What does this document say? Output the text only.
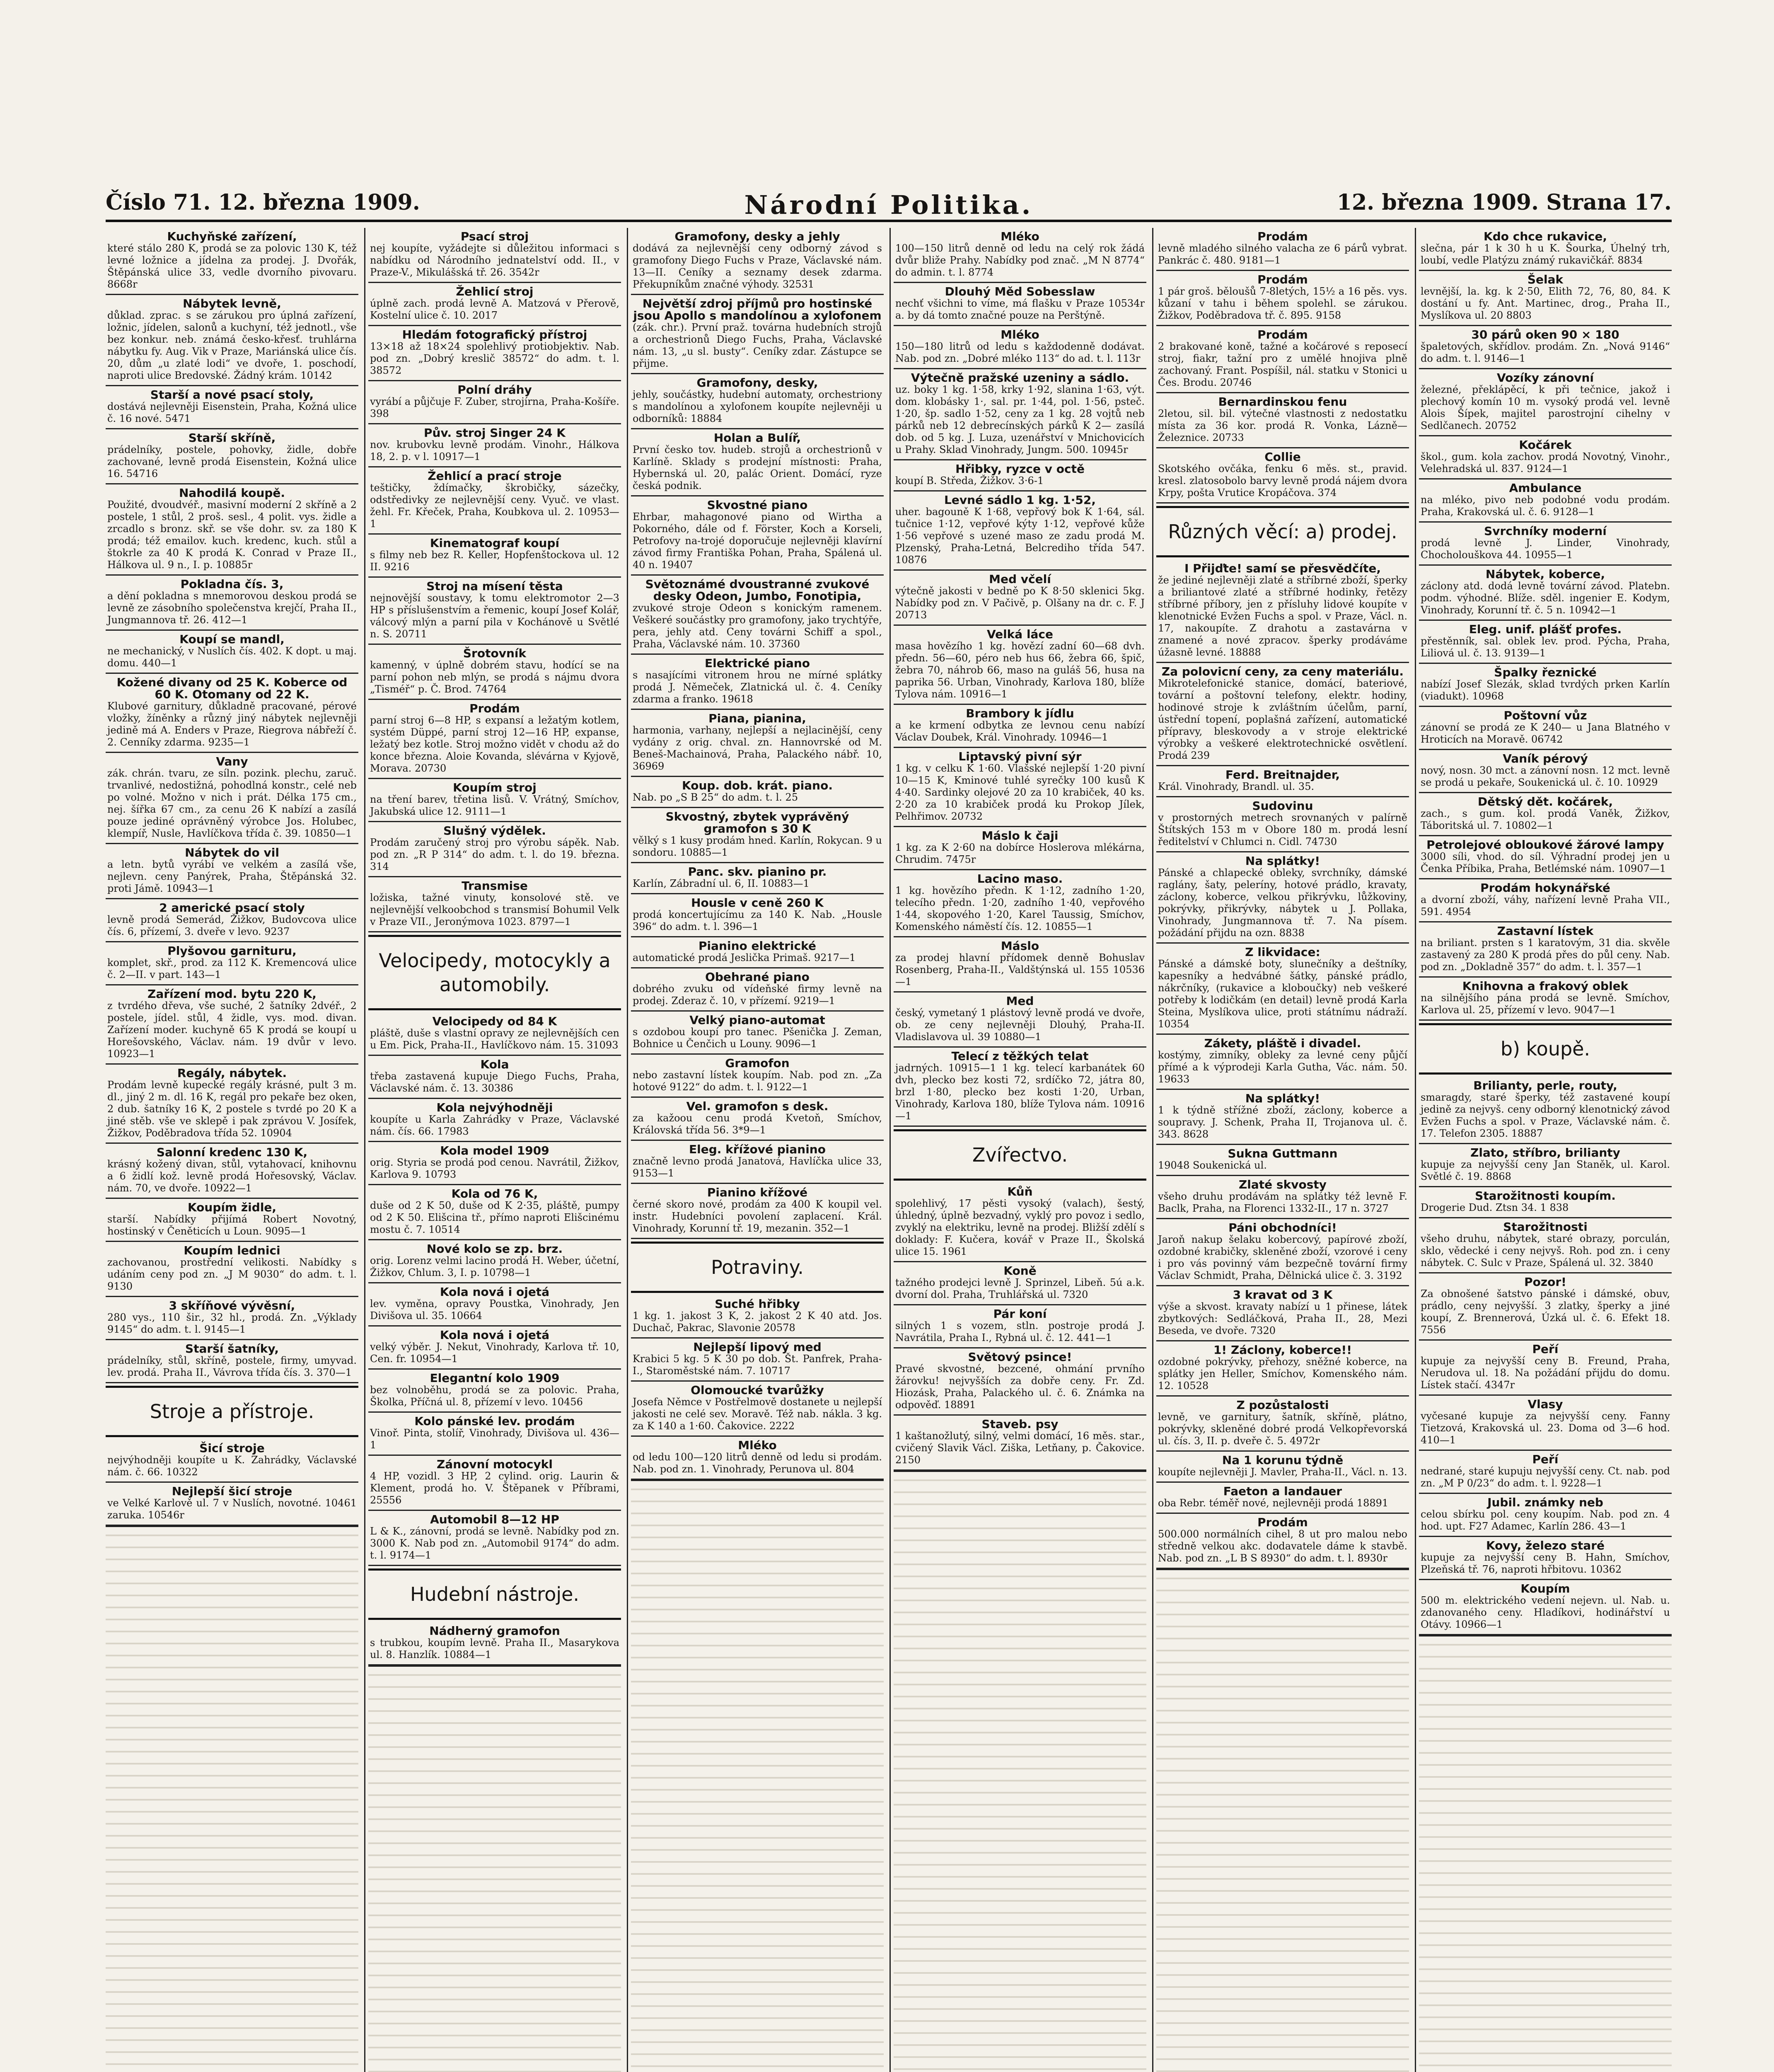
Národní Politika.
Číslo 71. 12. března 1909.	12. března 1909. Strana 17.
Kuchyňské zařízení,
které stálo 280 K, prodá se za polovic 130 K, též levné ložnice a jídelna za prodej. J. Dvořák, Štěpánská ulice 33, vedle dvorního pivovaru. 8668r
Nábytek levně,
důklad. zprac. s se zárukou pro úplná zařízení, ložnic, jídelen, salonů a kuchyní, též jednotl., vše bez konkur. neb. známá česko-křesť. truhlárna nábytku fy. Aug. Vik v Praze, Mariánská ulice čís. 20, dům „u zlaté lodi“ ve dvoře, 1. poschodí, naproti ulice Bredovské. Žádný krám. 10142
Starší a nové psací stoly,
dostává nejlevněji Eisenstein, Praha, Kožná ulice č. 16 nové. 5471
Starší skříně,
prádelníky, postele, pohovky, židle, dobře zachované, levně prodá Eisenstein, Kožná ulice 16. 54716
Nahodilá koupě.
Použité, dvoudvéř., masivní moderní 2 skříně a 2 postele, 1 stůl, 2 proš. sesl., 4 polit. vys. židle a zrcadlo s bronz. skř. se vše dohr. sv. za 180 K prodá; též emailov. kuch. kredenc, kuch. stůl a štokrle za 40 K prodá K. Conrad v Praze II., Hálkova ul. 9 n., I. p. 10885r
Pokladna čís. 3,
a dění pokladna s mnemorovou deskou prodá se levně ze zásobního společenstva krejčí, Praha II., Jungmannova tř. 26. 412—1
Koupí se mandl,
ne mechanický, v Nuslích čís. 402. K dopt. u maj. domu. 440—1
Kožené divany od 25 K. Koberce od 60 K. Otomany od 22 K.
Klubové garnitury, důkladně pracované, pérové vložky, žíněnky a různý jiný nábytek nejlevněji jedině má A. Enders v Praze, Riegrova nábřeží č. 2. Cenníky zdarma. 9235—1
Vany
zák. chrán. tvaru, ze síln. pozink. plechu, zaruč. trvanlivé, nedostižná, pohodlná konstr., celé neb po volné. Možno v nich i prát. Délka 175 cm., nej. šířka 67 cm., za cenu 26 K nabízí a zasílá pouze jediné oprávněný výrobce Jos. Holubec, klempíř, Nusle, Havlíčkova třída č. 39. 10850—1
Nábytek do vil
a letn. bytů vyrábí ve velkém a zasílá vše, nejlevn. ceny Panýrek, Praha, Štěpánská 32. proti Jámě. 10943—1
2 americké psací stoly
levně prodá Semerád, Žižkov, Budovcova ulice čís. 6, přízemí, 3. dveře v levo. 9237
Plyšovou garnituru,
komplet, skř., prod. za 112 K. Kremencová ulice č. 2—II. v part. 143—1
Zařízení mod. bytu 220 K,
z tvrdého dřeva, vše suché, 2 šatníky 2dvéř., 2 postele, jídel. stůl, 4 židle, vys. mod. divan. Zařízení moder. kuchyně 65 K prodá se koupí u Horešovského, Václav. nám. 19 dvůr v levo. 10923—1
Regály, nábytek.
Prodám levně kupecké regály krásné, pult 3 m. dl., jiný 2 m. dl. 16 K, regál pro pekaře bez oken, 2 dub. šatníky 16 K, 2 postele s tvrdé po 20 K a jiné stěb. vše ve sklepě i pak zprávou V. Josífek, Žižkov, Poděbradova třída 52. 10904
Salonní kredenc 130 K,
krásný kožený divan, stůl, vytahovací, knihovnu a 6 židlí kož. levně prodá Hořesovský, Václav. nám. 70, ve dvoře. 10922—1
Koupím židle,
starší. Nabídky přijímá Robert Novotný, hostinský v Čeněticích u Loun. 9095—1
Koupím lednici
zachovanou, prostřední velikosti. Nabídky s udáním ceny pod zn. „J M 9030“ do adm. t. l. 9130
3 skříňové vývěsní,
280 vys., 110 šir., 32 hl., prodá. Zn. „Výklady 9145“ do adm. t. l. 9145—1
Starší šatníky,
prádelníky, stůl, skříně, postele, firmy, umyvad. lev. prodá. Praha II., Vávrova třída čís. 3. 370—1
Stroje a přístroje.
Šicí stroje
nejvýhodněji koupíte u K. Zahrádky, Václavské nám. č. 66. 10322
Nejlepší šicí stroje
ve Velké Karlově ul. 7 v Nuslích, novotné. 10461 zaruka. 10546r
Psací stroj
nej koupíte, vyžádejte si důležitou informaci s nabídku od Národního jednatelství odd. II., v Praze-V., Mikulášská tř. 26. 3542r
Žehlicí stroj
úplně zach. prodá levně A. Matzová v Přerově, Kostelní ulice č. 10. 2017
Hledám fotografický přístroj
13×18 až 18×24 spolehlivý protiobjektiv. Nab. pod zn. „Dobrý kreslič 38572“ do adm. t. l. 38572
Polní dráhy
vyrábí a půjčuje F. Zuber, strojírna, Praha-Košíře. 398
Pův. stroj Singer 24 K
nov. krubovku levně prodám. Vinohr., Hálkova 18, 2. p. v l. 10917—1
Žehlicí a prací stroje
teštičky, ždímačky, škrobičky, sázečky, odstředivky ze nejlevnější ceny. Vyuč. ve vlast. žehl. Fr. Křeček, Praha, Koubkova ul. 2. 10953—1
Kinematograf koupí
s filmy neb bez R. Keller, Hopfenštockova ul. 12 II. 9216
Stroj na mísení těsta
nejnovější soustavy, k tomu elektromotor 2—3 HP s příslušenstvím a řemenic, koupí Josef Kolář, válcový mlýn a parní pila v Kochánově u Světlé n. S. 20711
Šrotovník
kamenný, v úplně dobrém stavu, hodící se na parní pohon neb mlýn, se prodá s nájmu dvora „Tisméř“ p. Č. Brod. 74764
Prodám
parní stroj 6—8 HP, s expansí a ležatým kotlem, systém Düppé, parní stroj 12—16 HP, expanse, ležatý bez kotle. Stroj možno vidět v chodu až do konce března. Aloie Kovanda, slévárna v Kyjově, Morava. 20730
Koupím stroj
na tření barev, třetina lisů. V. Vrátný, Smíchov, Jakubská ulice 12. 9111—1
Slušný výdělek.
Prodám zaručený stroj pro výrobu sápěk. Nab. pod zn. „R P 314“ do adm. t. l. do 19. března. 314
Transmise
ložiska, tažné vinuty, konsolové stě. ve nejlevnější velkoobchod s transmisí Bohumil Velk v Praze VII., Jeronýmova 1023. 8797—1
Velocipedy, motocykly a automobily.
Velocipedy od 84 K
pláště, duše s vlastní opravy ze nejlevnějších cen u Em. Pick, Praha-II., Havlíčkovo nám. 15. 31093
Kola
třeba zastavená kupuje Diego Fuchs, Praha, Václavské nám. č. 13. 30386
Kola nejvýhodněji
koupíte u Karla Zahrádky v Praze, Václavské nám. čís. 66. 17983
Kola model 1909
orig. Styria se prodá pod cenou. Navrátil, Žižkov, Karlova 9. 10793
Kola od 76 K,
duše od 2 K 50, duše od K 2·35, pláště, pumpy od 2 K 50. Elišcina tř., přímo naproti Elišcinému mostu č. 7. 10514
Nové kolo se zp. brz.
orig. Lorenz velmi lacino prodá H. Weber, účetní, Žižkov, Chlum. 3, I. p. 10798—1
Kola nová i ojetá
lev. vyměna, opravy Poustka, Vinohrady, Jen Divišova ul. 35. 10664
Kola nová i ojetá
velký výběr. J. Nekut, Vinohrady, Karlova tř. 10, Cen. fr. 10954—1
Elegantní kolo 1909
bez volnoběhu, prodá se za polovic. Praha, Školka, Příčná ul. 8, přízemí v levo. 10456
Kolo pánské lev. prodám
Vinoř. Pinta, stolíř, Vinohrady, Divišova ul. 436—1
Zánovní motocykl
4 HP, vozidl. 3 HP, 2 cylind. orig. Laurin & Klement, prodá ho. V. Štěpanek v Příbrami, 25556
Automobil 8—12 HP
L & K., zánovní, prodá se levně. Nabídky pod zn. 3000 K. Nab pod zn. „Automobil 9174“ do adm. t. l. 9174—1
Hudební nástroje.
Nádherný gramofon
s trubkou, koupím levně. Praha II., Masarykova ul. 8. Hanzlík. 10884—1
Gramofony, desky a jehly
dodává za nejlevnější ceny odborný závod s gramofony Diego Fuchs v Praze, Václavské nám. 13—II. Ceníky a seznamy desek zdarma. Překupníkům značné výhody. 32531
Největší zdroj příjmů pro hostinské jsou Apollo s mandolínou a xylofonem
(zák. chr.). První praž. továrna hudebních strojů a orchestrionů Diego Fuchs, Praha, Václavské nám. 13, „u sl. busty“. Ceníky zdar. Zástupce se přijme.
Gramofony, desky,
jehly, součástky, hudební automaty, orchestriony s mandolínou a xylofonem koupíte nejlevněji u odborníků: 18884
Holan a Bulíř,
První česko tov. hudeb. strojů a orchestrionů v Karlíně. Sklady s prodejní místnosti: Praha, Hybernská ul. 20, palác Orient. Domácí, ryze česká podnik.
Skvostné piano
Ehrbar, mahagonové piano od Wirtha a Pokorného, dále od f. Förster, Koch a Korseli, Petrofovy na-trojé doporučuje nejlevněji klavírní závod firmy Františka Pohan, Praha, Spálená ul. 40 n. 19407
Světoznámé dvoustranné zvukové desky Odeon, Jumbo, Fonotipia,
zvukové stroje Odeon s konickým ramenem. Veškeré součástky pro gramofony, jako trychtýře, pera, jehly atd. Ceny továrni Schiff a spol., Praha, Václavské nám. 10. 37360
Elektrické piano
s nasajícími vitronem hrou ne mírné splátky prodá J. Němeček, Zlatnická ul. č. 4. Ceníky zdarma a franko. 19618
Piana, pianina,
harmonia, varhany, nejlepší a nejlacinější, ceny vydány z orig. chval. zn. Hannovrské od M. Beneš-Machainová, Praha, Palackého nábř. 10, 36969
Koup. dob. krát. piano.
Nab. po „S B 25“ do adm. t. l. 25
Skvostný, zbytek vyprávěný gramofon s 30 K
vělký s 1 kusy prodám hned. Karlín, Rokycan. 9 u sondoru. 10885—1
Panc. skv. pianino pr.
Karlín, Zábradní ul. 6, II. 10883—1
Housle v ceně 260 K
prodá koncertujícímu za 140 K. Nab. „Housle 396“ do adm. t. l. 396—1
Pianino elektrické
automatické prodá Jeslička Primaš. 9217—1
Obehrané piano
dobrého zvuku od vídeňské firmy levně na prodej. Zderaz č. 10, v přízemí. 9219—1
Velký piano-automat
s ozdobou koupí pro tanec. Pšenička J. Zeman, Bohnice u Čenčich u Louny. 9096—1
Gramofon
nebo zastavní lístek koupím. Nab. pod zn. „Za hotové 9122“ do adm. t. l. 9122—1
Vel. gramofon s desk.
za kažoou cenu prodá Kvetoň, Smíchov, Královská třída 56. 3*9—1
Eleg. křížové pianino
značně levno prodá Janatová, Havlíčka ulice 33, 9153—1
Pianino křížové
černé skoro nové, prodám za 400 K koupil vel. instr. Hudebníci povolení zaplacení. Král. Vinohrady, Korunní tř. 19, mezanin. 352—1
Potraviny.
Suché hřibky
1 kg. 1. jakost 3 K, 2. jakost 2 K 40 atd. Jos. Duchač, Pakrac, Slavonie 20578
Nejlepší lipový med
Krabici 5 kg. 5 K 30 po dob. Št. Panfrek, Praha-I., Staroměstské nám. 7. 10717
Olomoucké tvarůžky
Josefa Němce v Postřelmově dostanete u nejlepší jakosti ne celé sev. Moravě. Též nab. nákla. 3 kg. za K 140 a 1·60. Čakovice. 2222
Mléko
od ledu 100—120 litrů denně od ledu si prodám. Nab. pod zn. 1. Vinohrady, Perunova ul. 804
Mléko
100—150 litrů denně od ledu na celý rok žádá dvůr bliže Prahy. Nabídky pod znač. „M N 8774“ do admin. t. l. 8774
Dlouhý Měd Sobesslaw
nechť všichni to víme, má flašku v Praze 10534r a. by dá tomto značné pouze na Perštýně.
Mléko
150—180 litrů od ledu s každodenně dodávat. Nab. pod zn. „Dobré mléko 113“ do ad. t. l. 113r
Výtečně pražské uzeniny a sádlo.
uz. boky 1 kg. 1·58, krky 1·92, slanina 1·63, výt. dom. klobásky 1·, sal. pr. 1·44, pol. 1·56, psteč. 1·20, šp. sadlo 1·52, ceny za 1 kg. 28 vojtů neb párků neb 12 debrecínských párků K 2— zasílá dob. od 5 kg. J. Luza, uzenářství v Mnichovicích u Prahy. Sklad Vinohrady, Jungm. 500. 10945r
Hřibky, ryzce v octě
koupí B. Středa, Žižkov. 3·6-1
Levné sádlo 1 kg. 1·52,
uher. bagouně K 1·68, vepřový bok K 1·64, sál. tučnice 1·12, vepřové kýty 1·12, vepřové kůže 1·56 vepřové s uzené maso ze zadu prodá M. Plzenský, Praha-Letná, Belcrediho třída 547. 10876
Med včelí
výtečně jakosti v bedně po K 8·50 sklenici 5kg. Nabídky pod zn. V Pačivě, p. Olšany na dr. c. F. J 20713
Velká láce
masa hovězího 1 kg. hovězí zadní 60—68 dvh. předn. 56—60, péro neb hus 66, žebra 66, špič, žebra 70, náhrob 66, maso na guláš 56, husa na paprika 56. Urban, Vinohrady, Karlova 180, blíže Tylova nám. 10916—1
Brambory k jídlu
a ke krmení odbytka ze levnou cenu nabízí Václav Doubek, Král. Vinohrady. 10946—1
Liptavský pivní sýr
1 kg. v celku K 1·60. Vlašské nejlepší 1·20 pivní 10—15 K, Kminové tuhlé syrečky 100 kusů K 4·40. Sardinky olejové 20 za 10 krabiček, 40 ks. 2·20 za 10 krabiček prodá ku Prokop Jílek, Pelhřimov. 20732
Máslo k čaji
1 kg. za K 2·60 na dobírce Hoslerova mlékárna, Chrudim. 7475r
Lacino maso.
1 kg. hovězího předn. K 1·12, zadního 1·20, telecího předn. 1·20, zadního 1·40, vepřového 1·44, skopového 1·20, Karel Taussig, Smíchov, Komenského náměstí čís. 12. 10855—1
Máslo
za prodej hlavní přídomek denně Bohuslav Rosenberg, Praha-II., Valdštýnská ul. 155 10536—1
Med
český, vymetaný 1 plástový levně prodá ve dvoře, ob. ze ceny nejlevněji Dlouhý, Praha-II. Vladislavova ul. 39 10880—1
Telecí z těžkých telat
jadrných. 10915—1 1 kg. telecí karbanátek 60 dvh, plecko bez kosti 72, srdíčko 72, játra 80, brzl 1·80, plecko bez kosti 1·20, Urban, Vinohrady, Karlova 180, blíže Tylova nám. 10916—1
Zvířectvo.
Kůň
spolehlivý, 17 pěsti vysoký (valach), šestý, úhledný, úplně bezvadný, vyklý pro povoz i sedlo, zvyklý na elektriku, levně na prodej. Bližší zdělí s doklady: F. Kučera, kovář v Praze II., Školská ulice 15. 1961
Koně
tažného prodejci levně J. Sprinzel, Libeň. 5ú a.k. dvorní dol. Praha, Truhlářská ul. 7320
Pár koní
silných 1 s vozem, stln. postroje prodá J. Navrátila, Praha I., Rybná ul. č. 12. 441—1
Světový psince!
Pravé skvostné, bezcené, ohmání prvního žárovku! nejvyšších za dobře ceny. Fr. Zd. Hiozásk, Praha, Palackého ul. č. 6. Známka na odpověď. 18891
Staveb. psy
1 kaštanožlutý, silný, velmi domácí, 16 měs. star., cvičený Slavik Václ. Ziška, Letňany, p. Čakovice. 2150
Prodám
levně mladého silného valacha ze 6 párů vybrat. Pankrác č. 480. 9181—1
Prodám
1 pár groš. běloušů 7-8letých, 15½ a 16 pěs. vys. kůzaní v tahu i během spolehl. se zárukou. Žižkov, Poděbradova tř. č. 895. 9158
Prodám
2 brakované koně, tažné a kočárové s reposecí stroj, fiakr, tažní pro z umělé hnojiva plně zachovaný. Frant. Pospíšil, nál. statku v Stonici u Čes. Brodu. 20746
Bernardinskou fenu
2letou, sil. bil. výtečné vlastnosti z nedostatku místa za 36 kor. prodá R. Vonka, Lázně—Železnice. 20733
Collie
Skotského ovčáka, fenku 6 měs. st., pravid. kresl. zlatosobolo barvy levně prodá nájem dvora Krpy, pošta Vrutice Kropáčova. 374
Různých věcí: a) prodej.
I Přijďte! samí se přesvědčíte,
že jediné nejlevněji zlaté a stříbrné zboží, šperky a briliantové zlaté a stříbrné hodinky, řetězy stříbrné příbory, jen z přísluhy lidové koupíte v klenotnické Evžen Fuchs a spol. v Praze, Václ. n. 17, nakoupíte. Z drahotu a zastavárna v znamené a nové zpracov. šperky prodáváme úžasně levné. 18888
Za polovicní ceny, za ceny materiálu.
Mikrotelefonické stanice, domácí, bateriové, tovární a poštovní telefony, elektr. hodiny, hodinové stroje k zvláštním účelům, parní, ústřední topení, poplašná zařízení, automatické přípravy, bleskovody a v stroje elektrické výrobky a veškeré elektrotechnické osvětlení. Prodá 239
Ferd. Breitnajder,
Král. Vinohrady, Brandl. ul. 35.
Sudovinu
v prostorných metrech srovnaných v palírně Štítských 153 m v Obore 180 m. prodá lesní ředitelství v Chlumci n. Cidl. 74730
Na splátky!
Pánské a chlapecké obleky, svrchníky, dámské raglány, šaty, peleríny, hotové prádlo, kravaty, záclony, koberce, velkou přikrývku, lůžkoviny, pokrývky, přikrývky, nábytek u J. Pollaka, Vinohrady, Jungmannova tř. 7. Na písem. požádání přijdu na ozn. 8838
Z likvidace:
Pánské a dámské boty, slunečníky a deštníky, kapesníky a hedvábné šátky, pánské prádlo, nákrčníky, (rukavice a kloboučky) neb veškeré potřeby k lodičkám (en detail) levně prodá Karla Steina, Myslíkova ulice, proti státnímu nádraží. 10354
Zákety, pláště i divadel.
kostýmy, zimníky, obleky za levné ceny půjčí přímé a k výprodeji Karla Gutha, Vác. nám. 50. 19633
Na splátky!
1 k týdně střížné zboží, záclony, koberce a soupravy. J. Schenk, Praha II, Trojanova ul. č. 343. 8628
Sukna Guttmann
19048 Soukenická ul.
Zlaté skvosty
všeho druhu prodávám na splátky též levně F. Baclk, Praha, na Florenci 1332-II., 17 n. 3727
Páni obchodníci!
Jaroň nakup šelaku kobercový, papírové zboží, ozdobné krabičky, skleněné zboží, vzorové i ceny i pro vás povinný vám bezpečně tovární firmy Václav Schmidt, Praha, Dělnická ulice č. 3. 3192
3 kravat od 3 K
výše a skvost. kravaty nabízí u 1 přinese, látek zbytkových: Sedláčková, Praha II., 28, Mezi Beseda, ve dvoře. 7320
1! Záclony, koberce!!
ozdobné pokrývky, přehozy, sněžné koberce, na splátky jen Heller, Smíchov, Komenského nám. 12. 10528
Z pozůstalosti
levně, ve garnitury, šatník, skříně, plátno, pokrývky, skleněné dobré prodá Velkopřevorská ul. čís. 3, II. p. dveře č. 5. 4972r
Na 1 korunu týdně
koupíte nejlevněji J. Mavler, Praha-II., Václ. n. 13.
Faeton a landauer
oba Rebr. téměř nové, nejlevněji prodá 18891
Prodám
500.000 normálních cihel, 8 ut pro malou nebo středně velkou akc. dodavatele dáme k stavbě. Nab. pod zn. „L B S 8930“ do adm. t. l. 8930r
Kdo chce rukavice,
slečna, pár 1 k 30 h u K. Šourka, Úhelný trh, loubí, vedle Platýzu známý rukavičkář. 8834
Šelak
levnější, la. kg. k 2·50, Elith 72, 76, 80, 84. K dostání u fy. Ant. Martinec, drog., Praha II., Myslíkova ul. 20 8803
30 párů oken 90 × 180
špaletových, skřídlov. prodám. Zn. „Nová 9146“ do adm. t. l. 9146—1
Vozíky zánovní
železné, překlápěcí, k při tečnice, jakož i plechový komín 10 m. vysoký prodá vel. levně Alois Šípek, majitel parostrojní cihelny v Sedlčanech. 20752
Kočárek
škol., gum. kola zachov. prodá Novotný, Vinohr., Velehradská ul. 837. 9124—1
Ambulance
na mléko, pivo neb podobné vodu prodám. Praha, Krakovská ul. č. 6. 9128—1
Svrchníky moderní
prodá levně J. Linder, Vinohrady, Chocholouškova 44. 10955—1
Nábytek, koberce,
záclony atd. dodá levně tovární závod. Platebn. podm. výhodné. Blíže. sděl. ingenier E. Kodym, Vinohrady, Korunní tř. č. 5 n. 10942—1
Eleg. unif. plášť profes.
přestěnník, sal. oblek lev. prod. Pýcha, Praha, Liliová ul. č. 13. 9139—1
Špalky řeznické
nabízí Josef Slezák, sklad tvrdých prken Karlín (viadukt). 10968
Poštovní vůz
zánovní se prodá ze K 240— u Jana Blatného v Hroticích na Moravě. 06742
Vaník pérový
nový, nosn. 30 mct. a zánovní nosn. 12 mct. levně se prodá u pekaře, Soukenická ul. č. 10. 10929
Dětský dět. kočárek,
zach., s gum. kol. prodá Vaněk, Žižkov, Táboritská ul. 7. 10802—1
Petrolejové obloukové žárové lampy
3000 síli, vhod. do síl. Výhradní prodej jen u Čenka Příbika, Praha, Betlémské nám. 10907—1
Prodám hokynářské
a dvorní zboží, váhy, nařízení levně Praha VII., 591. 4954
Zastavní lístek
na briliant. prsten s 1 karatovým, 31 dia. skvěle zastavený za 280 K prodá přes do půl ceny. Nab. pod zn. „Dokladně 357“ do adm. t. l. 357—1
Knihovna a frakový oblek
na silnějšího pána prodá se levně. Smíchov, Karlova ul. 25, přízemí v levo. 9047—1
b) koupě.
Brilianty, perle, routy,
smaragdy, staré šperky, též zastavené koupí jedině za nejvyš. ceny odborný klenotnický závod Evžen Fuchs a spol. v Praze, Václavské nám. č. 17. Telefon 2305. 18887
Zlato, stříbro, brilianty
kupuje za nejvyšší ceny Jan Staněk, ul. Karol. Světlé č. 19. 8868
Starožitnosti koupím.
Drogerie Dud. Ztsn 34. 1 838
Starožitnosti
všeho druhu, nábytek, staré obrazy, porculán, sklo, vědecké i ceny nejvyš. Roh. pod zn. i ceny nábytek. C. Sulc v Praze, Spálená ul. 32. 3840
Pozor!
Za obnošené šatstvo pánské i dámské, obuv, prádlo, ceny nejvyšší. 3 zlatky, šperky a jiné koupí, Z. Brennerová, Úzká ul. č. 6. Efekt 18. 7556
Peří
kupuje za nejvyšší ceny B. Freund, Praha, Nerudova ul. 18. Na požádání přijdu do domu. Lístek stačí. 4347r
Vlasy
vyčesané kupuje za nejvyšší ceny. Fanny Tietzová, Krakovská ul. 23. Doma od 3—6 hod. 410—1
Peří
nedrané, staré kupuju nejvyšší ceny. Ct. nab. pod zn. „M P 0/23“ do adm. t. l. 9228—1
Jubil. známky neb
celou sbírku pol. ceny koupím. Nab. pod zn. 4 hod. upt. F27 Adamec, Karlín 286. 43—1
Kovy, železo staré
kupuje za nejvyšší ceny B. Hahn, Smíchov, Plzeňská tř. 76, naproti hřbitovu. 10362
Koupím
500 m. elektrického vedení nejevn. ul. Nab. u. zdanovaného ceny. Hladíkovi, hodinářství u Otávy. 10966—1
